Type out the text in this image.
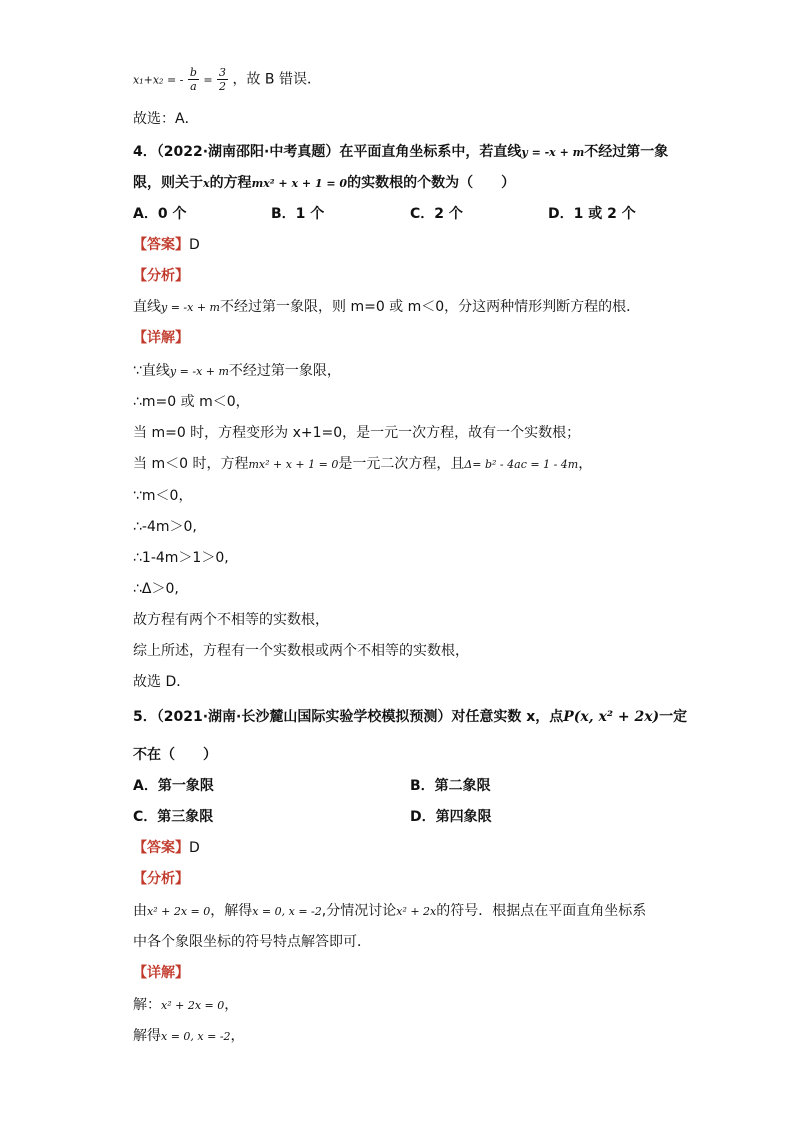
x₁+x₂ = - $\frac{b}{a} = \frac{3}{2}$ ，故 B 错误．
故选：A．
4．（2022·湖南邵阳·中考真题）在平面直角坐标系中，若直线y = -x + m不经过第一象
限，则关于x的方程mx² + x + 1 = 0的实数根的个数为（　　）
A．0 个	B．1 个	C．2 个	D．1 或 2 个
【答案】D
【分析】
直线y = -x + m不经过第一象限，则 m=0 或 m＜0，分这两种情形判断方程的根．
【详解】
∵直线y = -x + m不经过第一象限，
∴m=0 或 m＜0，
当 m=0 时，方程变形为 x+1=0，是一元一次方程，故有一个实数根；
当 m＜0 时，方程mx² + x + 1 = 0是一元二次方程，且Δ= b² - 4ac = 1 - 4m，
∵m＜0，
∴-4m＞0,
∴1-4m＞1＞0,
∴Δ＞0,
故方程有两个不相等的实数根，
综上所述，方程有一个实数根或两个不相等的实数根，
故选 D．
5．（2021·湖南·长沙麓山国际实验学校模拟预测）对任意实数 x，点P(x, x² + 2x)一定
不在（　　）
A．第一象限	B．第二象限
C．第三象限	D．第四象限
【答案】D
【分析】
由x² + 2x = 0，解得x = 0, x = -2,分情况讨论x² + 2x的符号．根据点在平面直角坐标系
中各个象限坐标的符号特点解答即可．
【详解】
解：x² + 2x = 0，
解得x = 0, x = -2，
